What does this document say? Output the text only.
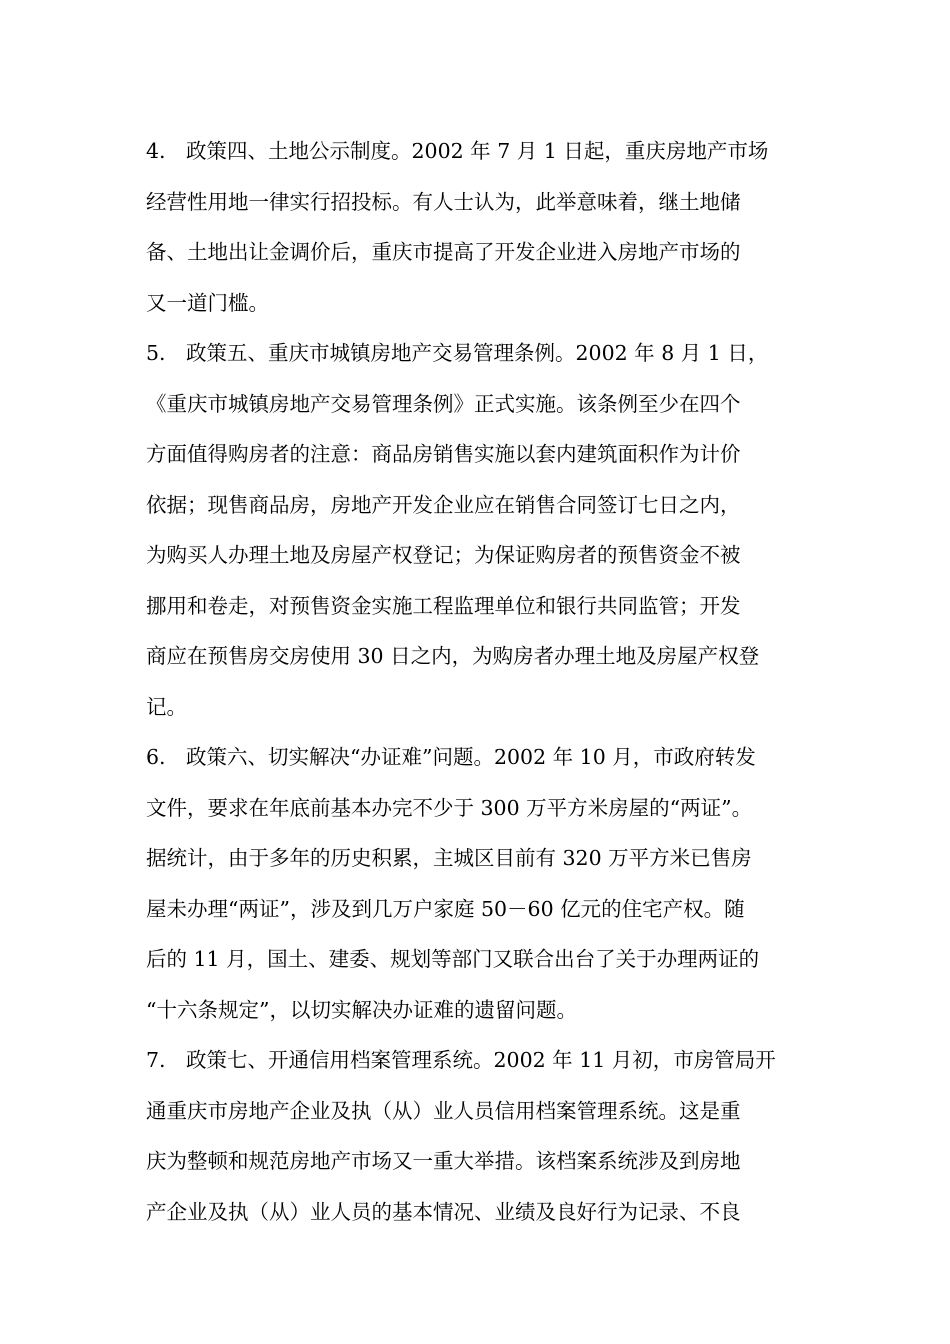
4. 政策四、土地公示制度。2002 年 7 月 1 日起，重庆房地产市场
经营性用地一律实行招投标。有人士认为，此举意味着，继土地储
备、土地出让金调价后，重庆市提高了开发企业进入房地产市场的
又一道门槛。
5. 政策五、重庆市城镇房地产交易管理条例。2002 年 8 月 1 日，
《重庆市城镇房地产交易管理条例》正式实施。该条例至少在四个
方面值得购房者的注意：商品房销售实施以套内建筑面积作为计价
依据；现售商品房，房地产开发企业应在销售合同签订七日之内，
为购买人办理土地及房屋产权登记；为保证购房者的预售资金不被
挪用和卷走，对预售资金实施工程监理单位和银行共同监管；开发
商应在预售房交房使用 30 日之内，为购房者办理土地及房屋产权登
记。
6. 政策六、切实解决“办证难”问题。2002 年 10 月，市政府转发
文件，要求在年底前基本办完不少于 300 万平方米房屋的“两证”。
据统计，由于多年的历史积累，主城区目前有 320 万平方米已售房
屋未办理“两证”，涉及到几万户家庭 50－60 亿元的住宅产权。随
后的 11 月，国土、建委、规划等部门又联合出台了关于办理两证的
“十六条规定”，以切实解决办证难的遗留问题。
7. 政策七、开通信用档案管理系统。2002 年 11 月初，市房管局开
通重庆市房地产企业及执（从）业人员信用档案管理系统。这是重
庆为整顿和规范房地产市场又一重大举措。该档案系统涉及到房地
产企业及执（从）业人员的基本情况、业绩及良好行为记录、不良
